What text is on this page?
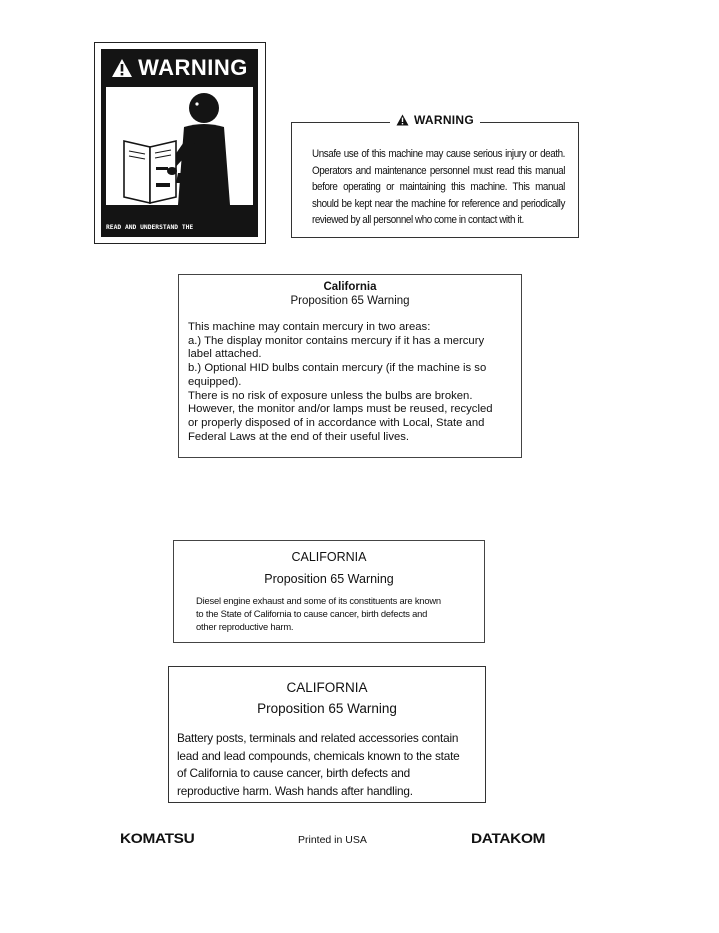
WARNING

READ AND UNDERSTAND THE

OPERATION & MAINTENANCE MANUAL

BEFORE OPERATING VEHICLE OR

PERFORMING ANY MAINTENANCE.

WARNING
Unsafe use of this machine may cause serious injury or death. Operators and maintenance personnel must read this manual before operating or maintaining this machine. This manual should be kept near the machine for reference and periodically reviewed by all personnel who come in contact with it.
California
Proposition 65 Warning
This machine may contain mercury in two areas:
a.) The display monitor contains mercury if it has a mercury
label attached.
b.) Optional HID bulbs contain mercury (if the machine is so
equipped).
There is no risk of exposure unless the bulbs are broken.
However, the monitor and/or lamps must be reused, recycled
or properly disposed of in accordance with Local, State and
Federal Laws at the end of their useful lives.
CALIFORNIA
Proposition 65 Warning
Diesel engine exhaust and some of its constituents are known
to the State of California to cause cancer, birth defects and
other reproductive harm.
CALIFORNIA
Proposition 65 Warning
Battery posts, terminals and related accessories contain
lead and lead compounds, chemicals known to the state
of California to cause cancer, birth defects and
reproductive harm. Wash hands after handling.
KOMATSU	Printed in USA	DATAKOM
